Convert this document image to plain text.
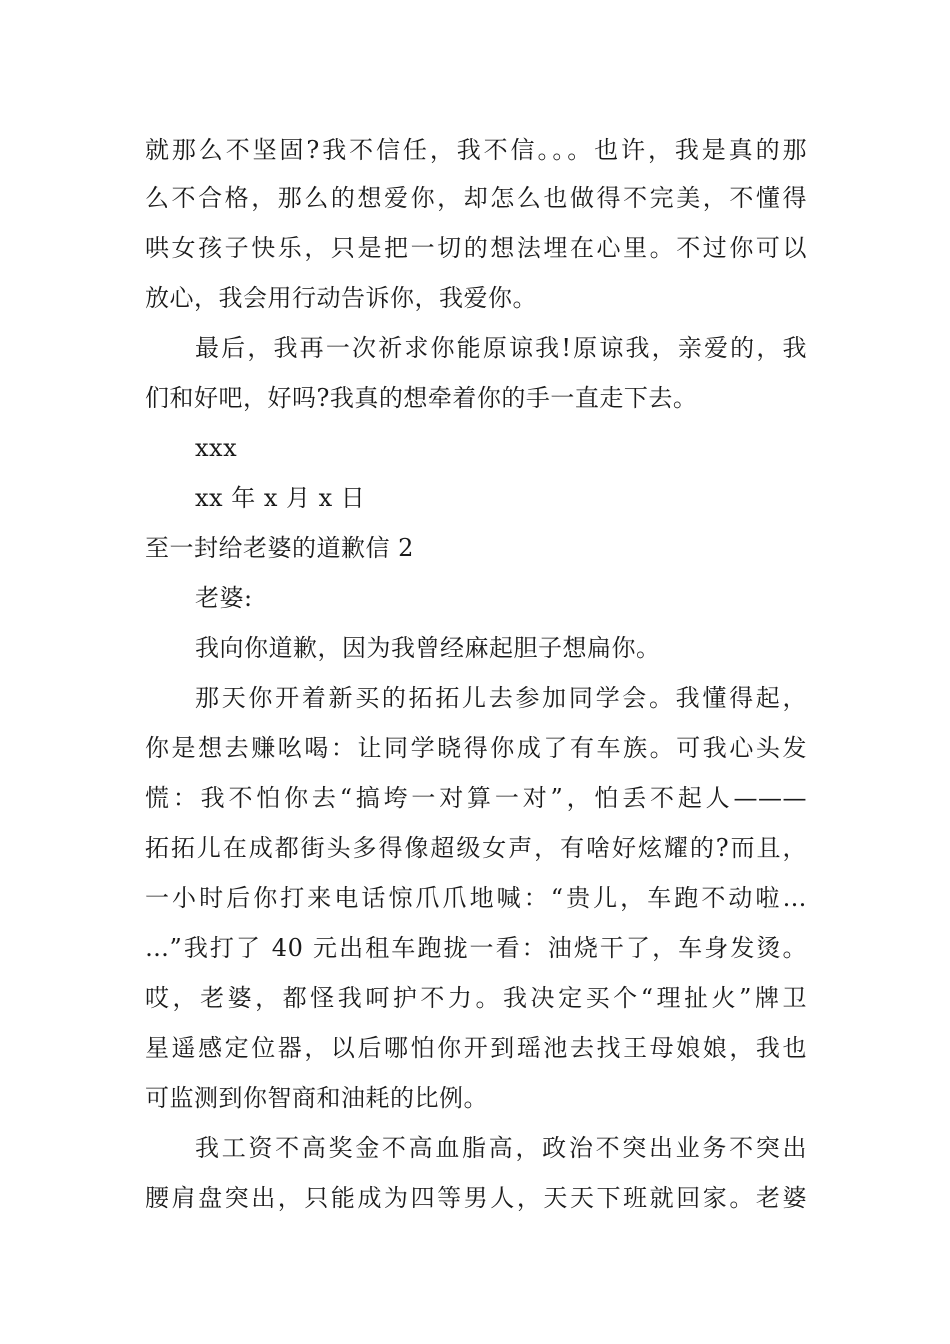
就那么不坚固?我不信任，我不信。。。也许，我是真的那
么不合格，那么的想爱你，却怎么也做得不完美，不懂得
哄女孩子快乐，只是把一切的想法埋在心里。不过你可以
放心，我会用行动告诉你，我爱你。
最后，我再一次祈求你能原谅我!原谅我，亲爱的，我
们和好吧，好吗?我真的想牵着你的手一直走下去。
xxx
xx 年 x 月 x 日
至一封给老婆的道歉信 2
老婆:
我向你道歉，因为我曾经麻起胆子想扁你。
那天你开着新买的拓拓儿去参加同学会。我懂得起，
你是想去赚吆喝：让同学晓得你成了有车族。可我心头发
慌：我不怕你去“搞垮一对算一对”，怕丢不起人———
拓拓儿在成都街头多得像超级女声，有啥好炫耀的?而且，
一小时后你打来电话惊爪爪地喊：“贵儿，车跑不动啦…
…”我打了 40 元出租车跑拢一看：油烧干了，车身发烫。
哎，老婆，都怪我呵护不力。我决定买个“理扯火”牌卫
星遥感定位器，以后哪怕你开到瑶池去找王母娘娘，我也
可监测到你智商和油耗的比例。
我工资不高奖金不高血脂高，政治不突出业务不突出
腰肩盘突出，只能成为四等男人，天天下班就回家。老婆
